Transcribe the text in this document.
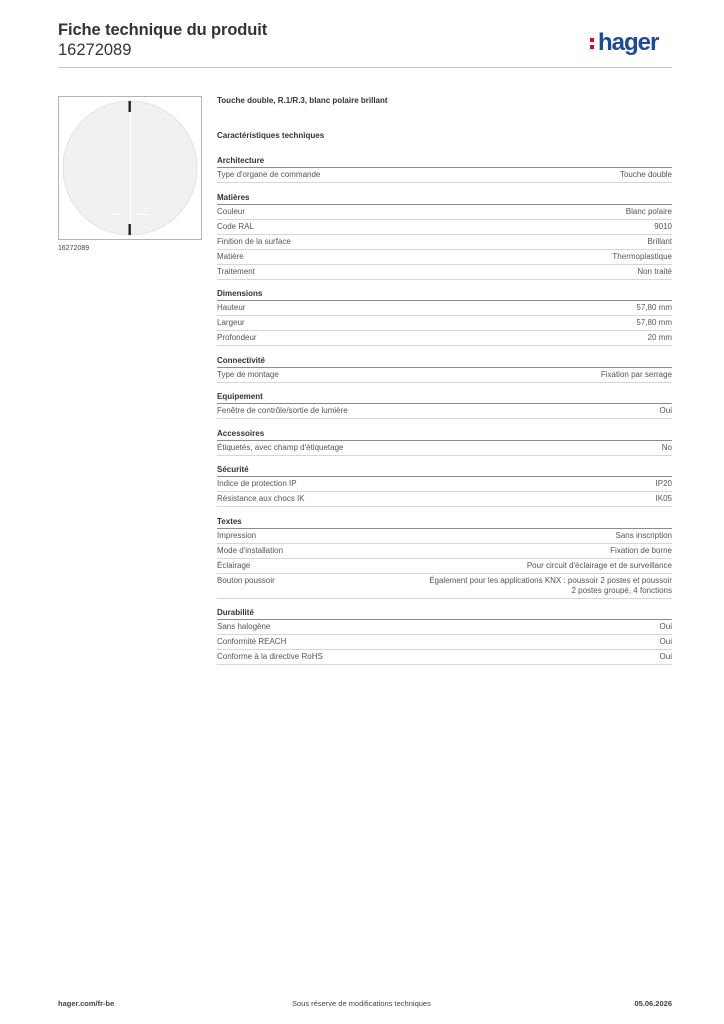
Fiche technique du produit
16272089	hager
16272089
Touche double, R.1/R.3, blanc polaire brillant
Caractéristiques techniques
Architecture
Type d'organe de commande	Touche double
Matières
Couleur	Blanc polaire
Code RAL	9010
Finition de la surface	Brillant
Matière	Thermoplastique
Traitement	Non traité
Dimensions
Hauteur	57,80 mm
Largeur	57,80 mm
Profondeur	20 mm
Connectivité
Type de montage	Fixation par serrage
Equipement
Fenêtre de contrôle/sortie de lumière	Oui
Accessoires
Étiquetés, avec champ d'étiquetage	No
Sécurité
Indice de protection IP	IP20
Résistance aux chocs IK	IK05
Textes
Impression	Sans inscription
Mode d'installation	Fixation de borne
Éclairage	Pour circuit d'éclairage et de surveillance
Bouton poussoir	Également pour les applications KNX : poussoir 2 postes et poussoir
2 postes groupé, 4 fonctions
Durabilité
Sans halogène	Oui
Conformité REACH	Oui
Conforme à la directive RoHS	Oui
hager.com/fr-be	Sous réserve de modifications techniques	05.06.2026
